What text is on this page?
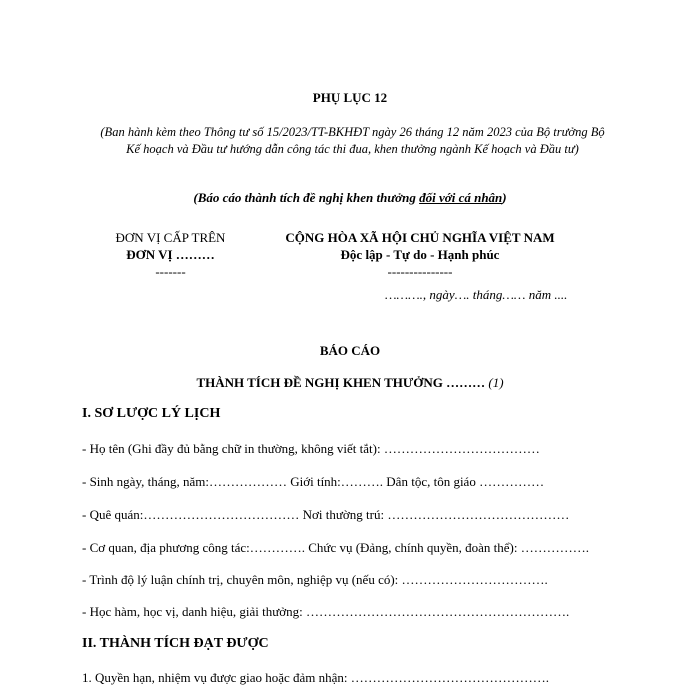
PHỤ LỤC 12
(Ban hành kèm theo Thông tư số 15/2023/TT-BKHĐT ngày 26 tháng 12 năm 2023 của Bộ trưởng Bộ Kế hoạch và Đầu tư hướng dẫn công tác thi đua, khen thưởng ngành Kế hoạch và Đầu tư)
(Báo cáo thành tích đề nghị khen thưởng đối với cá nhân)
ĐƠN VỊ CẤP TRÊN
ĐƠN VỊ ………
-------
CỘNG HÒA XÃ HỘI CHỦ NGHĨA VIỆT NAM
Độc lập - Tự do - Hạnh phúc
---------------
………., ngày…. tháng…… năm ....
BÁO CÁO
THÀNH TÍCH ĐỀ NGHỊ KHEN THƯỞNG ……… (1)
I. SƠ LƯỢC LÝ LỊCH
- Họ tên (Ghi đầy đủ bằng chữ in thường, không viết tắt): ………………………………
- Sinh ngày, tháng, năm:……………… Giới tính:………. Dân tộc, tôn giáo ……………
- Quê quán:……………………………… Nơi thường trú: ……………………………………
- Cơ quan, địa phương công tác:…………. Chức vụ (Đảng, chính quyền, đoàn thể): …………….
- Trình độ lý luận chính trị, chuyên môn, nghiệp vụ (nếu có): …………………………….
- Học hàm, học vị, danh hiệu, giải thưởng: …………………………………………………….
II. THÀNH TÍCH ĐẠT ĐƯỢC
1. Quyền hạn, nhiệm vụ được giao hoặc đảm nhận: ……………………………………….
